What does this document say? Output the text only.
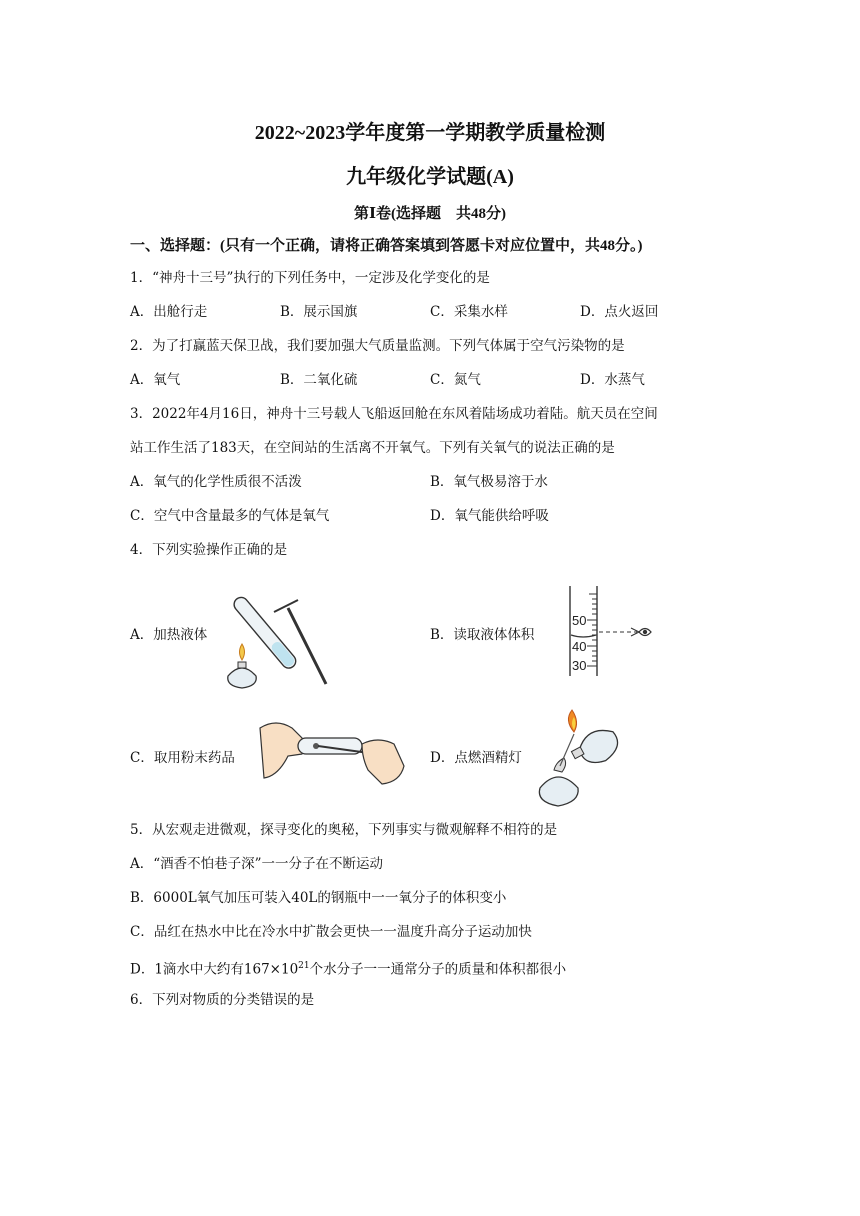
2022~2023学年度第一学期教学质量检测
九年级化学试题(A)
第Ⅰ卷(选择题　共48分)
一、选择题：(只有一个正确，请将正确答案填到答愿卡对应位置中，共48分。)
1．“神舟十三号”执行的下列任务中，一定涉及化学变化的是
A．出舱行走	B．展示国旗	C．采集水样	D．点火返回
2．为了打赢蓝天保卫战，我们要加强大气质量监测。下列气体属于空气污染物的是
A．氧气	B．二氧化硫	C．氮气	D．水蒸气
3．2022年4月16日，神舟十三号载人飞船返回舱在东风着陆场成功着陆。航天员在空间
站工作生活了183天，在空间站的生活离不开氧气。下列有关氧气的说法正确的是
A．氧气的化学性质很不活泼	B．氧气极易溶于水
C．空气中含量最多的气体是氧气	D．氧气能供给呼吸
4．下列实验操作正确的是
A．加热液体	B．读取液体体积
50
40
30
C．取用粉末药品	D．点燃酒精灯
5．从宏观走进微观，探寻变化的奥秘，下列事实与微观解释不相符的是
A．“酒香不怕巷子深”一一分子在不断运动
B．6000L氧气加压可装入40L的钢瓶中一一氧分子的体积变小
C．品红在热水中比在冷水中扩散会更快一一温度升高分子运动加快
D．1滴水中大约有$167\times 10^{21}$个水分子一一通常分子的质量和体积都很小
6．下列对物质的分类错误的是
